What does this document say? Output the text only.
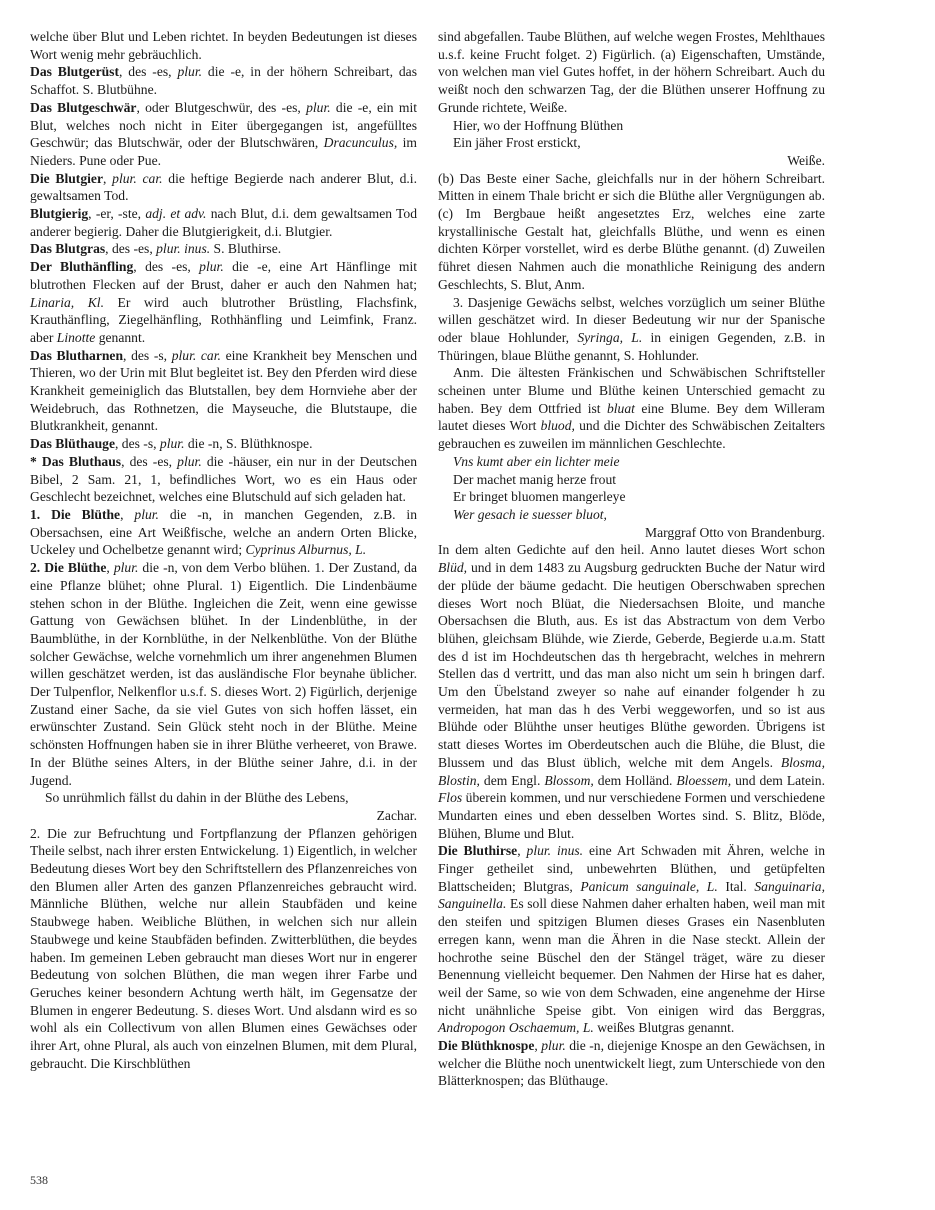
welche über Blut und Leben richtet. In beyden Bedeutungen ist dieses Wort wenig mehr gebräuchlich.

Das Blutgerüst, des -es, plur. die -e, in der höhern Schreibart, das Schaffot. S. Blutbühne.

Das Blutgeschwär, oder Blutgeschwür, des -es, plur. die -e, ein mit Blut, welches noch nicht in Eiter übergegangen ist, angefülltes Geschwür; das Blutschwär, oder der Blutschwären, Dracunculus, im Nieders. Pune oder Pue.

Die Blutgier, plur. car. die heftige Begierde nach anderer Blut, d.i. gewaltsamen Tod.

Blutgierig, -er, -ste, adj. et adv. nach Blut, d.i. dem gewaltsamen Tod anderer begierig. Daher die Blutgierigkeit, d.i. Blutgier.

Das Blutgras, des -es, plur. inus. S. Bluthirse.

Der Bluthänfling, des -es, plur. die -e, eine Art Hänflinge mit blutrothen Flecken auf der Brust, daher er auch den Nahmen hat; Linaria, Kl. Er wird auch blutrother Brüstling, Flachsfink, Krauthänfling, Ziegelhänfling, Rothhänfling und Leimfink, Franz. aber Linotte genannt.

Das Blutharnen, des -s, plur. car. eine Krankheit bey Menschen und Thieren, wo der Urin mit Blut begleitet ist. Bey den Pferden wird diese Krankheit gemeiniglich das Blutstallen, bey dem Hornviehe aber der Weidebruch, das Rothnetzen, die Mayseuche, die Blutstaupe, die Blutkrankheit, genannt.

Das Blüthauge, des -s, plur. die -n, S. Blüthknospe.

* Das Bluthaus, des -es, plur. die -häuser, ein nur in der Deutschen Bibel, 2 Sam. 21, 1, befindliches Wort, wo es ein Haus oder Geschlecht bezeichnet, welches eine Blutschuld auf sich geladen hat.

1. Die Blüthe, plur. die -n, in manchen Gegenden, z.B. in Obersachsen, eine Art Weißfische, welche an andern Orten Blicke, Uckeley und Ochelbetze genannt wird; Cyprinus Alburnus, L.

2. Die Blüthe, plur. die -n, von dem Verbo blühen. 1. Der Zustand, da eine Pflanze blühet; ohne Plural. 1) Eigentlich. Die Lindenbäume stehen schon in der Blüthe. Ingleichen die Zeit, wenn eine gewisse Gattung von Gewächsen blühet. In der Lindenblüthe, in der Baumblüthe, in der Kornblüthe, in der Nelkenblüthe. Von der Blüthe solcher Gewächse, welche vornehmlich um ihrer angenehmen Blumen willen geschätzet werden, ist das ausländische Flor beynahe üblicher. Der Tulpenflor, Nelkenflor u.s.f. S. dieses Wort. 2) Figürlich, derjenige Zustand einer Sache, da sie viel Gutes von sich hoffen lässet, ein erwünschter Zustand. Sein Glück steht noch in der Blüthe. Meine schönsten Hoffnungen haben sie in ihrer Blüthe verheeret, von Brawe. In der Blüthe seines Alters, in der Blüthe seiner Jahre, d.i. in der Jugend.

So unrühmlich fällst du dahin in der Blüthe des Lebens,

Zachar.

2. Die zur Befruchtung und Fortpflanzung der Pflanzen gehörigen Theile selbst, nach ihrer ersten Entwickelung. 1) Eigentlich, in welcher Bedeutung dieses Wort bey den Schriftstellern des Pflanzenreiches von den Blumen aller Arten des ganzen Pflanzenreiches gebraucht wird. Männliche Blüthen, welche nur allein Staubfäden und keine Staubwege haben. Weibliche Blüthen, in welchen sich nur allein Staubwege und keine Staubfäden befinden. Zwitterblüthen, die beydes haben. Im gemeinen Leben gebraucht man dieses Wort nur in engerer Bedeutung von solchen Blüthen, die man wegen ihrer Farbe und Geruches keiner besondern Achtung werth hält, im Gegensatze der Blumen in engerer Bedeutung. S. dieses Wort. Und alsdann wird es so wohl als ein Collectivum von allen Blumen eines Gewächses oder ihrer Art, ohne Plural, als auch von einzelnen Blumen, mit dem Plural, gebraucht. Die Kirschblüthen

sind abgefallen. Taube Blüthen, auf welche wegen Frostes, Mehlthaues u.s.f. keine Frucht folget. 2) Figürlich. (a) Eigenschaften, Umstände, von welchen man viel Gutes hoffet, in der höhern Schreibart. Auch du weißt noch den schwarzen Tag, der die Blüthen unserer Hoffnung zu Grunde richtete, Weiße.

Hier, wo der Hoffnung Blüthen

Ein jäher Frost erstickt,

Weiße.

(b) Das Beste einer Sache, gleichfalls nur in der höhern Schreibart. Mitten in einem Thale bricht er sich die Blüthe aller Vergnügungen ab. (c) Im Bergbaue heißt angesetztes Erz, welches eine zarte krystallinische Gestalt hat, gleichfalls Blüthe, und wenn es einen dichten Körper vorstellet, wird es derbe Blüthe genannt. (d) Zuweilen führet diesen Nahmen auch die monathliche Reinigung des andern Geschlechts, S. Blut, Anm.

3. Dasjenige Gewächs selbst, welches vorzüglich um seiner Blüthe willen geschätzet wird. In dieser Bedeutung wir nur der Spanische oder blaue Hohlunder, Syringa, L. in einigen Gegenden, z.B. in Thüringen, blaue Blüthe genannt, S. Hohlunder.

Anm. Die ältesten Fränkischen und Schwäbischen Schriftsteller scheinen unter Blume und Blüthe keinen Unterschied gemacht zu haben. Bey dem Ottfried ist bluat eine Blume. Bey dem Willeram lautet dieses Wort bluod, und die Dichter des Schwäbischen Zeitalters gebrauchen es zuweilen im männlichen Geschlechte.

Vns kumt aber ein lichter meie

Der machet manig herze frout

Er bringet bluomen mangerleye

Wer gesach ie suesser bluot,

Marggraf Otto von Brandenburg.

In dem alten Gedichte auf den heil. Anno lautet dieses Wort schon Blüd, und in dem 1483 zu Augsburg gedruckten Buche der Natur wird der plüde der bäume gedacht. Die heutigen Oberschwaben sprechen dieses Wort noch Blüat, die Niedersachsen Bloite, und manche Obersachsen die Bluth, aus. Es ist das Abstractum von dem Verbo blühen, gleichsam Blühde, wie Zierde, Geberde, Begierde u.a.m. Statt des d ist im Hochdeutschen das th hergebracht, welches in mehrern Stellen das d vertritt, und das man also nicht um sein h bringen darf. Um den Übelstand zweyer so nahe auf einander folgender h zu vermeiden, hat man das h des Verbi weggeworfen, und so ist aus Blühde oder Blühthe unser heutiges Blüthe geworden. Übrigens ist statt dieses Wortes im Oberdeutschen auch die Blühe, die Blust, die Blussem und das Blust üblich, welche mit dem Angels. Blosma, Blostin, dem Engl. Blossom, dem Holländ. Bloessem, und dem Latein. Flos überein kommen, und nur verschiedene Formen und verschiedene Mundarten eines und eben desselben Wortes sind. S. Blitz, Blöde, Blühen, Blume und Blut.

Die Bluthirse, plur. inus. eine Art Schwaden mit Ähren, welche in Finger getheilet sind, unbewehrten Blüthen, und getüpfelten Blattscheiden; Blutgras, Panicum sanguinale, L. Ital. Sanguinaria, Sanguinella. Es soll diese Nahmen daher erhalten haben, weil man mit den steifen und spitzigen Blumen dieses Grases ein Nasenbluten erregen kann, wenn man die Ähren in die Nase steckt. Allein der hochrothe seine Büschel den der Stängel träget, wäre zu dieser Benennung vielleicht bequemer. Den Nahmen der Hirse hat es daher, weil der Same, so wie von dem Schwaden, eine angenehme der Hirse nicht unähnliche Speise gibt. Von einigen wird das Berggras, Andropogon Oschaemum, L. weißes Blutgras genannt.

Die Blüthknospe, plur. die -n, diejenige Knospe an den Gewächsen, in welcher die Blüthe noch unentwickelt liegt, zum Unterschiede von den Blätterknospen; das Blüthauge.

538
